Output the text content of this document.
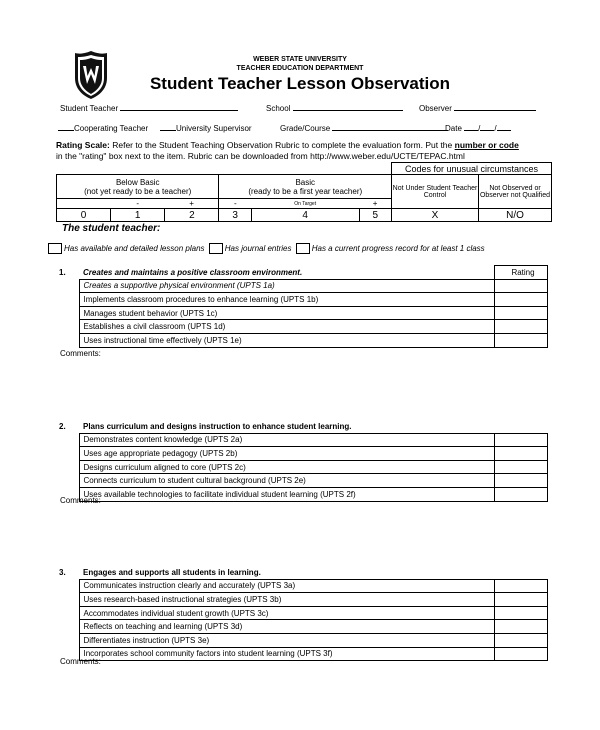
WEBER STATE UNIVERSITY
TEACHER EDUCATION DEPARTMENT
Student Teacher Lesson Observation
Student Teacher	School	Observer
Cooperating Teacher	University Supervisor	Grade/Course	Date / /
Rating Scale: Refer to the Student Teaching Observation Rubric to complete the evaluation form. Put the number or code
in the "rating" box next to the item. Rubric can be downloaded from http://www.weber.edu/UCTE/TEPAC.html
						Codes for unusual circumstances	
Below Basic
(not yet ready to be a teacher)			Basic
(ready to be a first year teacher)			Not Under Student Teacher Control	Not Observed or Observer not Qualified
	-	+	-	On Target	+		
0	1	2	3	4	5	X	N/O
The student teacher:
Has available and detailed lesson plans	Has journal entries	Has a current progress record for at least 1 class
1.	Creates and maintains a positive classroom environment.	Rating
	Creates a supportive physical environment (UPTS 1a)	
	Implements classroom procedures to enhance learning (UPTS 1b)	
	Manages student behavior (UPTS 1c)	
	Establishes a civil classroom (UPTS 1d)	
	Uses instructional time effectively (UPTS 1e)	
Comments:
2.	Plans curriculum and designs instruction to enhance student learning.	
	Demonstrates content knowledge (UPTS 2a)	
	Uses age appropriate pedagogy (UPTS 2b)	
	Designs curriculum aligned to core (UPTS 2c)	
	Connects curriculum to student cultural background (UPTS 2e)	
	Uses available technologies to facilitate individual student learning (UPTS 2f)	
Comments:
3.	Engages and supports all students in learning.	
	Communicates instruction clearly and accurately (UPTS 3a)	
	Uses research-based instructional strategies (UPTS 3b)	
	Accommodates individual student growth (UPTS 3c)	
	Reflects on teaching and learning (UPTS 3d)	
	Differentiates instruction (UPTS 3e)	
	Incorporates school community factors into student learning (UPTS 3f)	
Comments:
